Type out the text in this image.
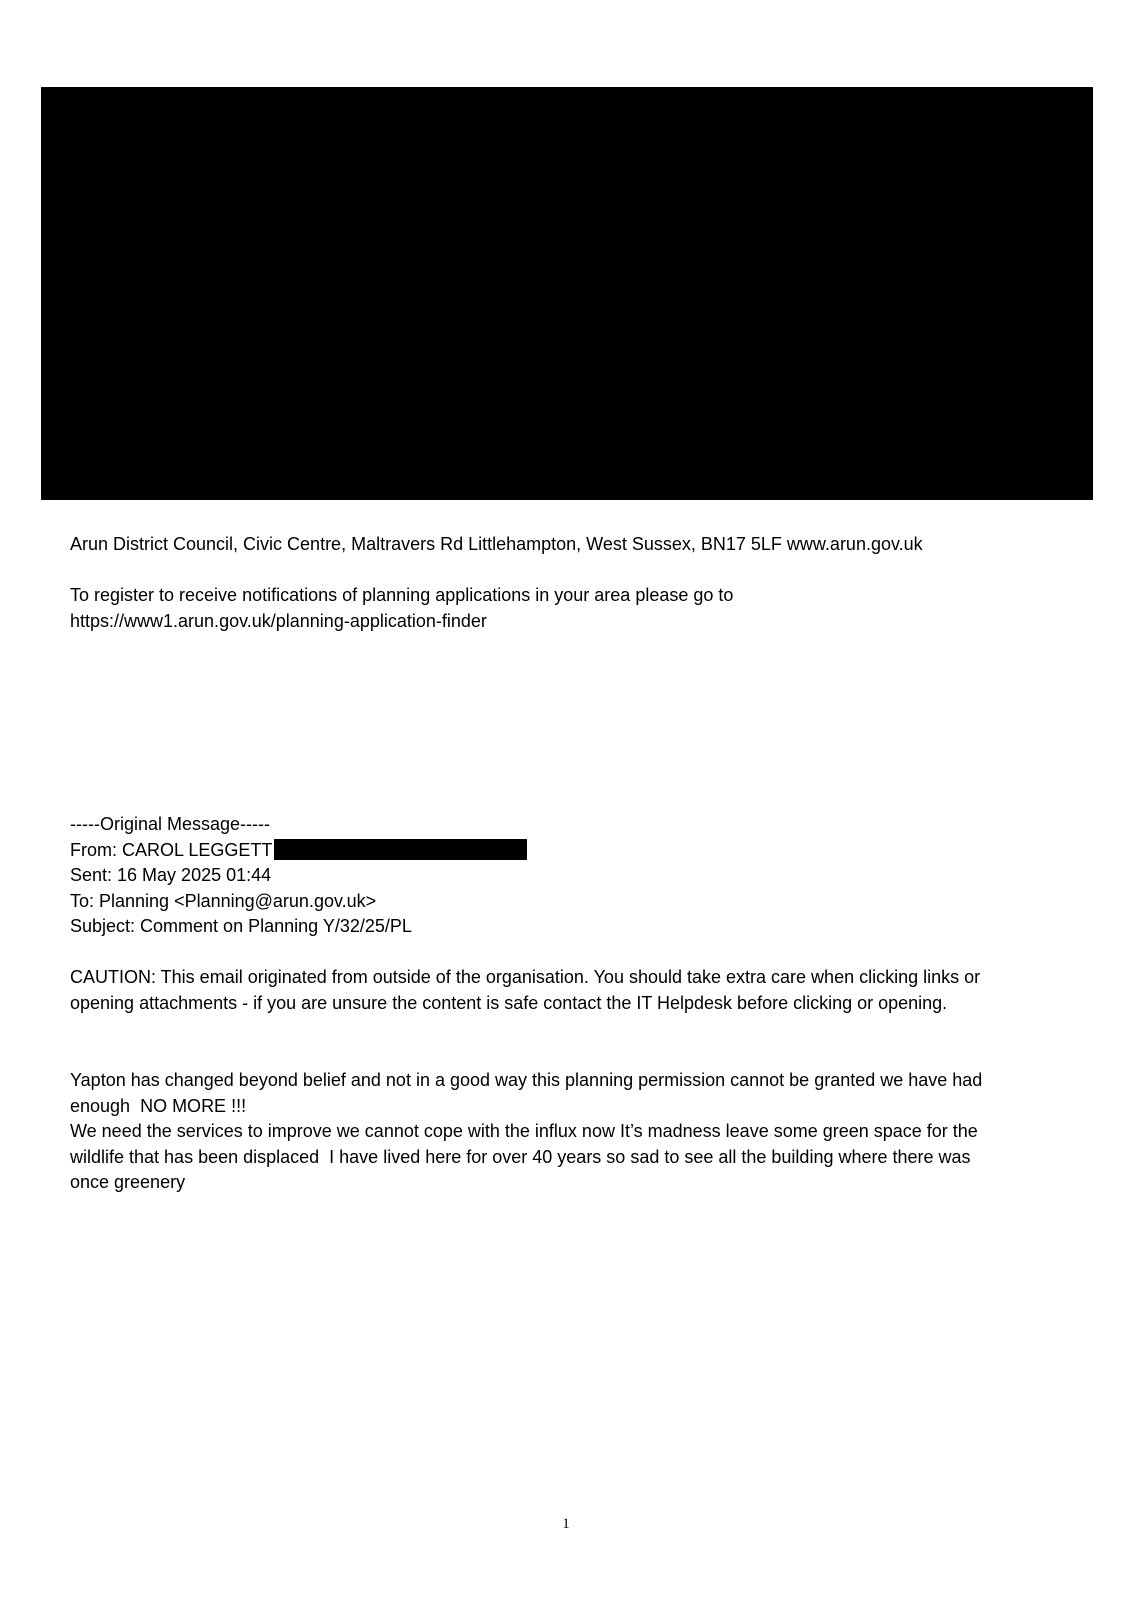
Arun District Council, Civic Centre, Maltravers Rd Littlehampton, West Sussex, BN17 5LF www.arun.gov.uk
To register to receive notifications of planning applications in your area please go to
https://www1.arun.gov.uk/planning-application-finder
-----Original Message-----
From: CAROL LEGGETT
Sent: 16 May 2025 01:44
To: Planning <Planning@arun.gov.uk>
Subject: Comment on Planning Y/32/25/PL
CAUTION: This email originated from outside of the organisation. You should take extra care when clicking links or
opening attachments - if you are unsure the content is safe contact the IT Helpdesk before clicking or opening.
Yapton has changed beyond belief and not in a good way this planning permission cannot be granted we have had
enough  NO MORE !!!
We need the services to improve we cannot cope with the influx now It’s madness leave some green space for the
wildlife that has been displaced  I have lived here for over 40 years so sad to see all the building where there was
once greenery
1
